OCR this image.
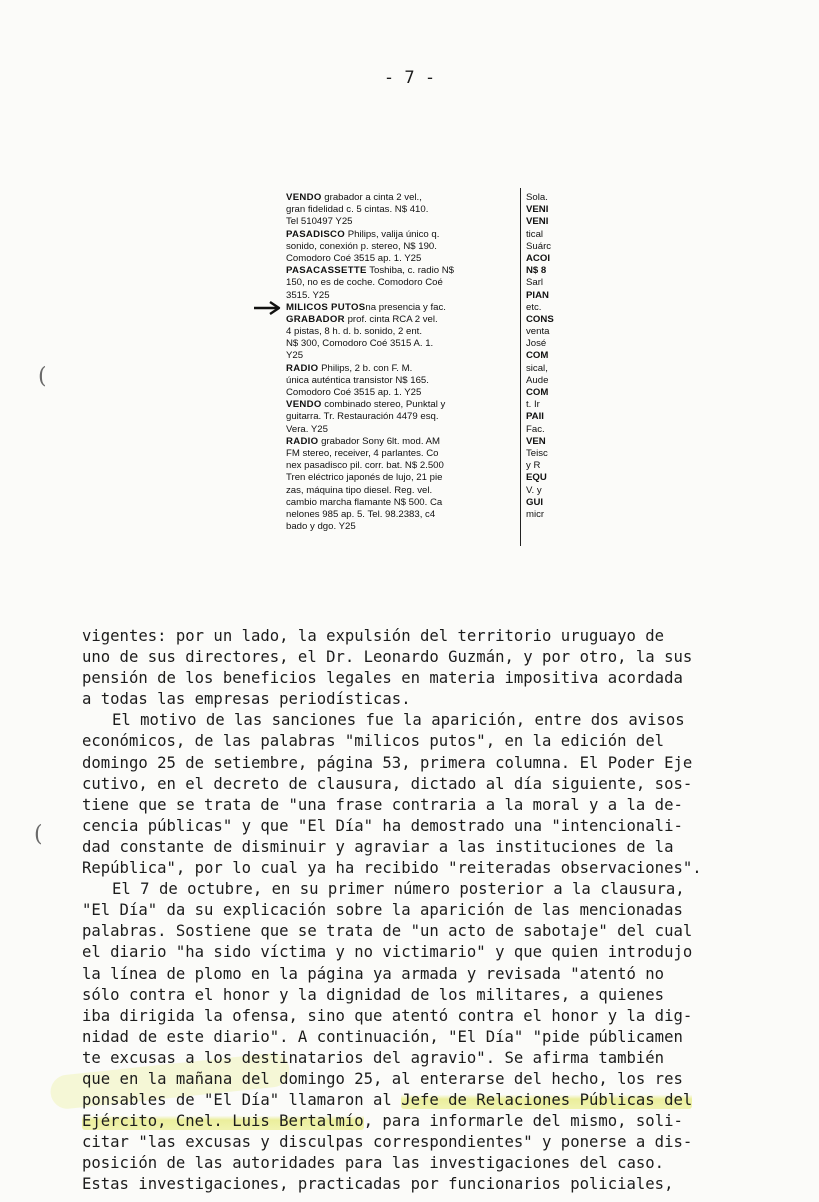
- 7 -
(
(
VENDO grabador a cinta 2 vel.,
gran fidelidad c. 5 cintas. N$ 410.
Tel 510497 Y25
PASADISCO Philips, valija único q.
sonido, conexión p. stereo, N$ 190.
Comodoro Coé 3515 ap. 1. Y25
PASACASSETTE Toshiba, c. radio N$
150, no es de coche. Comodoro Coé
3515. Y25
MILICOS PUTOSna presencia y fac.
GRABADOR prof. cinta RCA 2 vel.
4 pistas, 8 h. d. b. sonido, 2 ent.
N$ 300, Comodoro Coé 3515 A. 1.
Y25
RADIO Philips, 2 b. con F. M.
única auténtica transistor N$ 165.
Comodoro Coé 3515 ap. 1. Y25
VENDO combinado stereo, Punktal y
guitarra. Tr. Restauración 4479 esq.
Vera. Y25
RADIO grabador Sony 6lt. mod. AM
FM stereo, receiver, 4 parlantes. Co
nex pasadisco pil. corr. bat. N$ 2.500
Tren eléctrico japonés de lujo, 21 pie
zas, máquina tipo diesel. Reg. vel.
cambio marcha flamante N$ 500. Ca
nelones 985 ap. 5. Tel. 98.2383, c4
bado y dgo. Y25
Sola.
VENI
VENI
tical
Suárc
ACOI
N$ 8
Sarl
PIAN
etc.
CONS
venta
José
COM
sical,
Aude
COM
t. Ir
PAII
Fac.
VEN
Teisc
y R
EQU
V. y
GUI
micr
vigentes: por un lado, la expulsión del territorio uruguayo de
uno de sus directores, el Dr. Leonardo Guzmán, y por otro, la sus
pensión de los beneficios legales en materia impositiva acordada
a todas las empresas periodísticas.
El motivo de las sanciones fue la aparición, entre dos avisos
económicos, de las palabras "milicos putos", en la edición del
domingo 25 de setiembre, página 53, primera columna. El Poder Eje
cutivo, en el decreto de clausura, dictado al día siguiente, sos-
tiene que se trata de "una frase contraria a la moral y a la de-
cencia públicas" y que "El Día" ha demostrado una "intencionali-
dad constante de disminuir y agraviar a las instituciones de la
República", por lo cual ya ha recibido "reiteradas observaciones".
El 7 de octubre, en su primer número posterior a la clausura,
"El Día" da su explicación sobre la aparición de las mencionadas
palabras. Sostiene que se trata de "un acto de sabotaje" del cual
el diario "ha sido víctima y no victimario" y que quien introdujo
la línea de plomo en la página ya armada y revisada "atentó no
sólo contra el honor y la dignidad de los militares, a quienes
iba dirigida la ofensa, sino que atentó contra el honor y la dig-
nidad de este diario". A continuación, "El Día" "pide públicamen
te excusas a los destinatarios del agravio". Se afirma también
que en la mañana del domingo 25, al enterarse del hecho, los res
ponsables de "El Día" llamaron al Jefe de Relaciones Públicas del
Ejército, Cnel. Luis Bertalmío, para informarle del mismo, soli-
citar "las excusas y disculpas correspondientes" y ponerse a dis-
posición de las autoridades para las investigaciones del caso.
Estas investigaciones, practicadas por funcionarios policiales,
